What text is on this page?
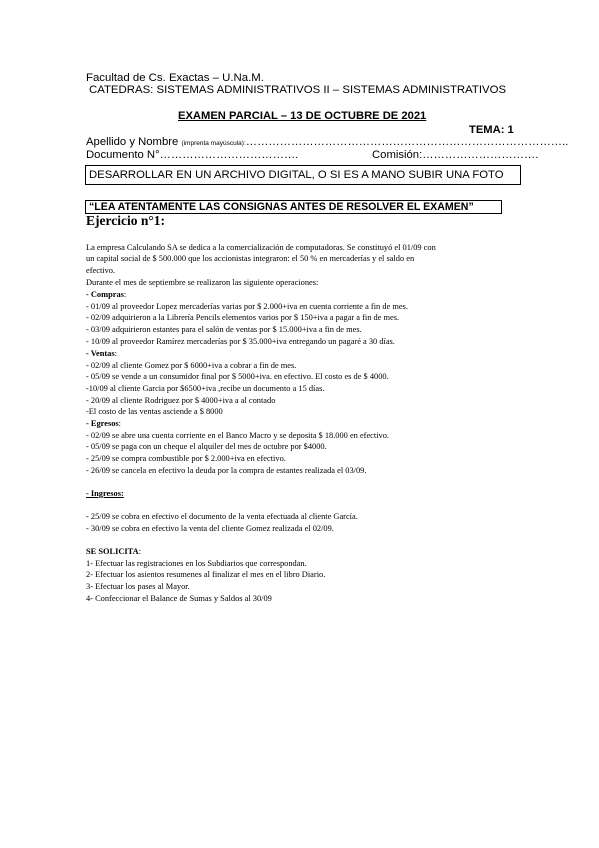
Facultad de Cs. Exactas – U.Na.M.
CATEDRAS: SISTEMAS ADMINISTRATIVOS II – SISTEMAS ADMINISTRATIVOS
EXAMEN PARCIAL – 13 DE OCTUBRE DE 2021
TEMA: 1
Apellido y Nombre (imprenta mayúscula):…………………………………………………………………………..
Documento N°……………………………….	Comisión:………………………….
DESARROLLAR EN UN ARCHIVO DIGITAL, O SI ES A MANO SUBIR UNA FOTO
“LEA ATENTAMENTE LAS CONSIGNAS ANTES DE RESOLVER EL EXAMEN”
Ejercicio n°1:
La empresa Calculando SA se dedica a la comercialización de computadoras. Se constituyó el 01/09 con
un capital social de $ 500.000 que los accionistas integraron: el 50 % en mercaderías y el saldo en
efectivo.
Durante el mes de septiembre se realizaron las siguiente operaciones:
- Compras:
- 01/09 al proveedor Lopez mercaderías varias por $ 2.000+iva en cuenta corriente a fin de mes.
- 02/09 adquirieron a la Librería Pencils elementos varios por $ 150+iva a pagar a fin de mes.
- 03/09 adquirieron estantes para el salón de ventas por $ 15.000+iva a fin de mes.
- 10/09 al proveedor Ramírez mercaderías por $ 35.000+iva entregando un pagaré a 30 días.
- Ventas:
- 02/09 al cliente Gomez por $ 6000+iva a cobrar a fin de mes.
- 05/09 se vende a un consumidor final por $ 5000+iva. en efectivo. El costo es de $ 4000.
-10/09 al cliente Garcia por $6500+iva ,recibe un documento a 15 días.
- 20/09 al cliente Rodriguez por $ 4000+iva a al contado
-El costo de las ventas asciende a $ 8000
- Egresos:
- 02/09 se abre una cuenta corriente en el Banco Macro y se deposita $ 18.000 en efectivo.
- 05/09 se paga con un cheque el alquiler del mes de octubre por $4000.
- 25/09 se compra combustible por $ 2.000+iva en efectivo.
- 26/09 se cancela en efectivo la deuda por la compra de estantes realizada el 03/09.
- Ingresos:
- 25/09 se cobra en efectivo el documento de la venta efectuada al cliente García.
- 30/09 se cobra en efectivo la venta del cliente Gomez realizada el 02/09.
SE SOLICITA:
1- Efectuar las registraciones en los Subdiarios que correspondan.
2- Efectuar los asientos resumenes al finalizar el mes en el libro Diario.
3- Efectuar los pases al Mayor.
4- Confeccionar el Balance de Sumas y Saldos al 30/09
